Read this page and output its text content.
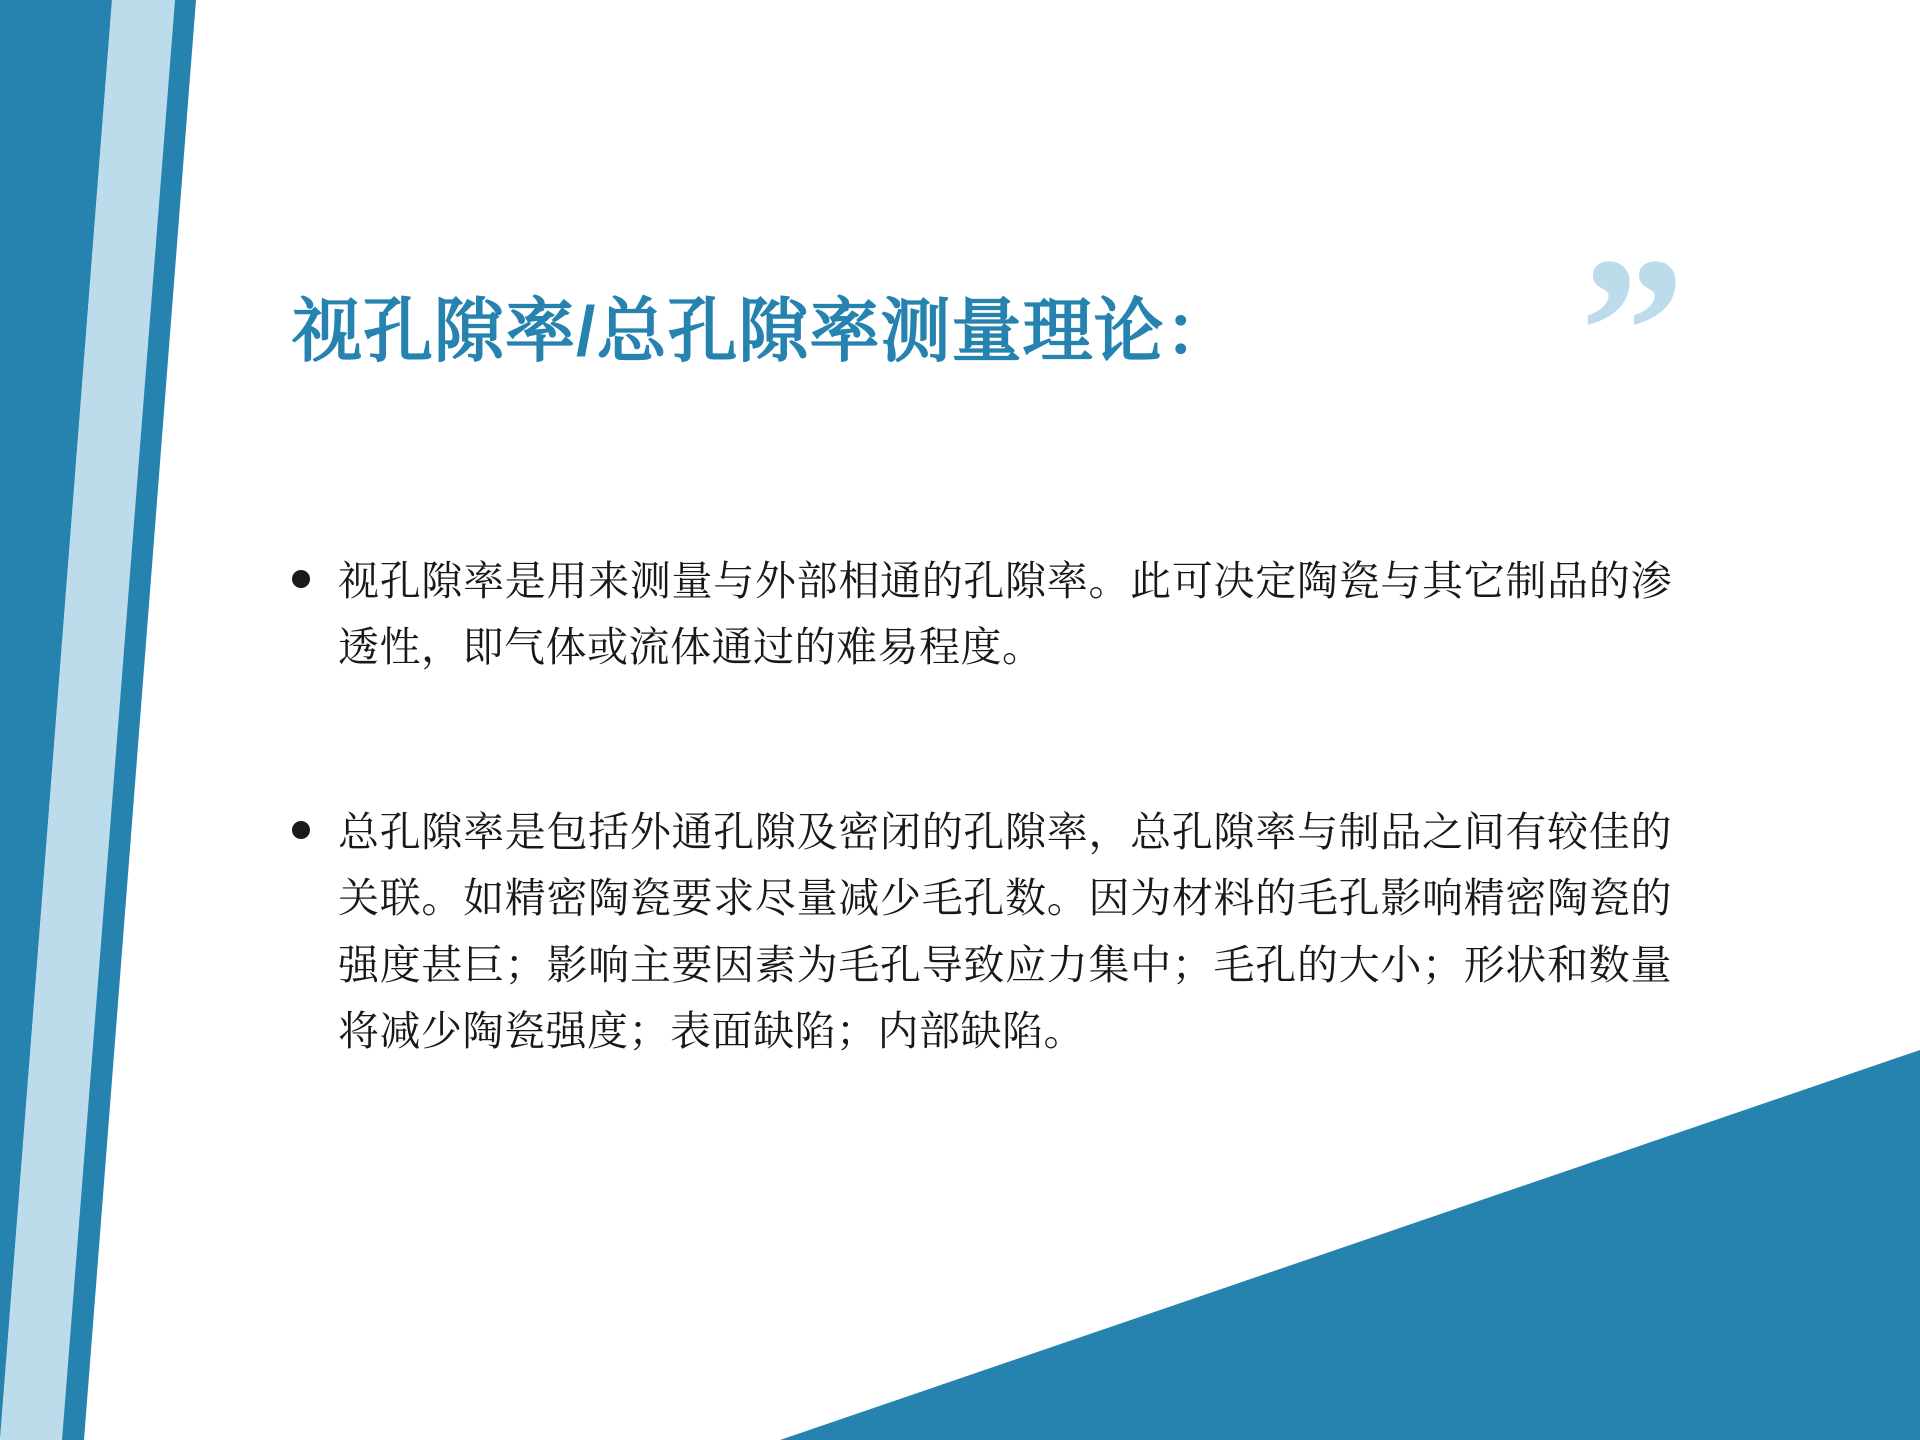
”
视孔隙率/总孔隙率测量理论：
视孔隙率是用来测量与外部相通的孔隙率。此可决定陶瓷与其它制品的渗透性，即气体或流体通过的难易程度。
总孔隙率是包括外通孔隙及密闭的孔隙率，总孔隙率与制品之间有较佳的关联。如精密陶瓷要求尽量减少毛孔数。因为材料的毛孔影响精密陶瓷的强度甚巨；影响主要因素为毛孔导致应力集中；毛孔的大小；形状和数量将减少陶瓷强度；表面缺陷；内部缺陷。
